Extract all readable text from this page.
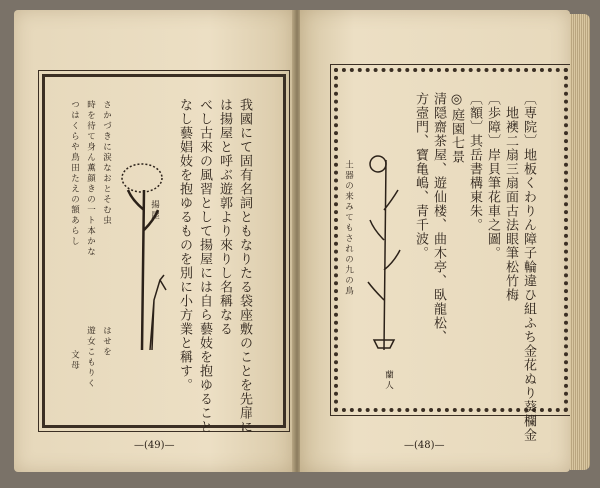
我國にて固有名詞ともなりたる袋座敷のことを先扉に
は揚屋と呼ぶ遊郭より來りし名稱なる
べし古來の風習として揚屋には自ら藝妓を抱ゆること
なし藝娼妓を抱ゆるものを別に小方業と稱す。
揚屋
さかづきに涙なおとそむ虫
時を待て身ん薫顔きの一ト本かな
つはくらや鳥田たえの額あらし
はせを
遊女こもりく
文母
—(49)—
〔専院〕地板くわりん障子輪違ひ組ふち金花ぬり葵欄金
地襖二扇三扇面古法眼筆松竹梅
〔歩障〕岸貝筆花車之圖。
〔額〕其岳書構東朱。
◎庭園七景
清隠齋茶屋、遊仙楼、曲木亭、臥龍松、
方壼門、寶亀嶋、青千波。
土器の来みてもされの九の鳥
蘭人
—(48)—
